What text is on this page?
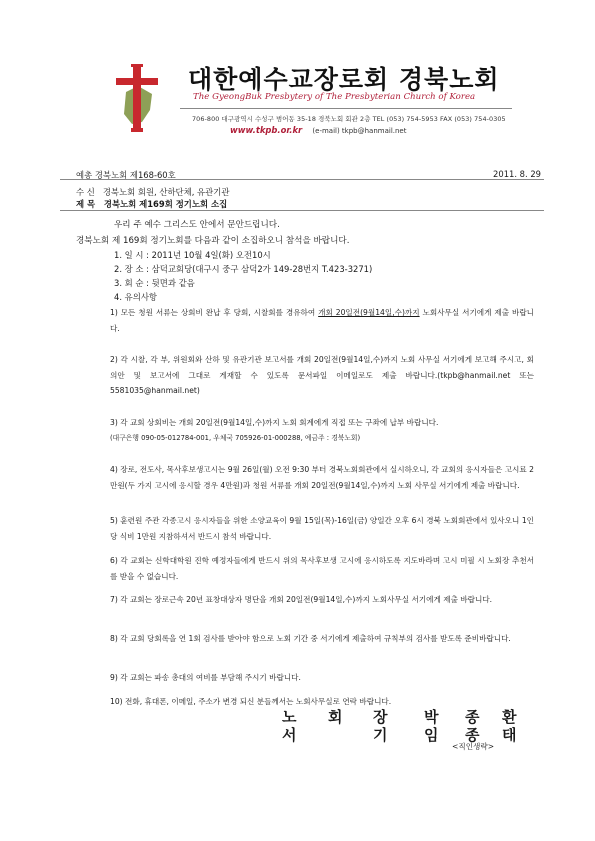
대한예수교장로회 경북노회
The GyeongBuk Presbytery of The Presbyterian Church of Korea
706-800 대구광역시 수성구 범어동 35-18 경북노회 회관 2층 TEL (053) 754-5953 FAX (053) 754-0305
www.tkpb.or.kr (e-mail) tkpb@hanmail.net
예총 경북노회 제168-60호	2011. 8. 29
수 신 경북노회 회원, 산하단체, 유관기관
제 목 경북노회 제169회 정기노회 소집
우리 주 예수 그리스도 안에서 문안드립니다.
경북노회 제 169회 정기노회를 다음과 같이 소집하오니 참석을 바랍니다.
1. 일 시 : 2011년 10월 4일(화) 오전10시
2. 장 소 : 삼덕교회당(대구시 중구 삼덕2가 149-28번지 T.423-3271)
3. 회 순 : 뒷면과 같음
4. 유의사항
1) 모든 청원 서류는 상회비 완납 후 당회, 시찰회를 경유하여 개회 20일전(9월14일,수)까지 노회사무실 서기에게 제출 바랍니다.
2) 각 시찰, 각 부, 위원회와 산하 및 유관기관 보고서를 개회 20일전(9월14일,수)까지 노회 사무실 서기에게 보고해 주시고, 회의안 및 보고서에 그대로 게재할 수 있도록 문서파일 이메일로도 제출 바랍니다.(tkpb@hanmail.net 또는 5581035@hanmail.net)
3) 각 교회 상회비는 개회 20일전(9월14일,수)까지 노회 회계에게 직접 또는 구좌에 납부 바랍니다.
(대구은행 090-05-012784-001, 우체국 705926-01-000288, 예금주 : 경북노회)
4) 장로, 전도사, 목사후보생고시는 9월 26일(월) 오전 9:30 부터 경북노회회관에서 실시하오니, 각 교회의 응시자들은 고시료 2만원(두 가지 고시에 응시할 경우 4만원)과 청원 서류를 개회 20일전(9월14일,수)까지 노회 사무실 서기에게 제출 바랍니다.
5) 훈련원 주관 각종고시 응시자들을 위한 소양교육이 9월 15일(목)-16일(금) 양일간 오후 6시 경북 노회회관에서 있사오니 1인당 식비 1만원 지참하셔서 반드시 참석 바랍니다.
6) 각 교회는 신학대학원 진학 예정자들에게 반드시 위의 목사후보생 고시에 응시하도록 지도바라며 고시 미필 시 노회장 추천서를 받을 수 없습니다.
7) 각 교회는 장로근속 20년 표창대상자 명단을 개회 20일전(9월14일,수)까지 노회사무실 서기에게 제출 바랍니다.
8) 각 교회 당회록을 연 1회 검사를 받아야 함으로 노회 기간 중 서기에게 제출하여 규칙부의 검사를 받도록 준비바랍니다.
9) 각 교회는 파송 총대의 여비를 부담해 주시기 바랍니다.
10) 전화, 휴대폰, 이메일, 주소가 변경 되신 분들께서는 노회사무실로 연락 바랍니다.
노 회 장 박 종 환
서	기 임 종 태
<직인생략>
